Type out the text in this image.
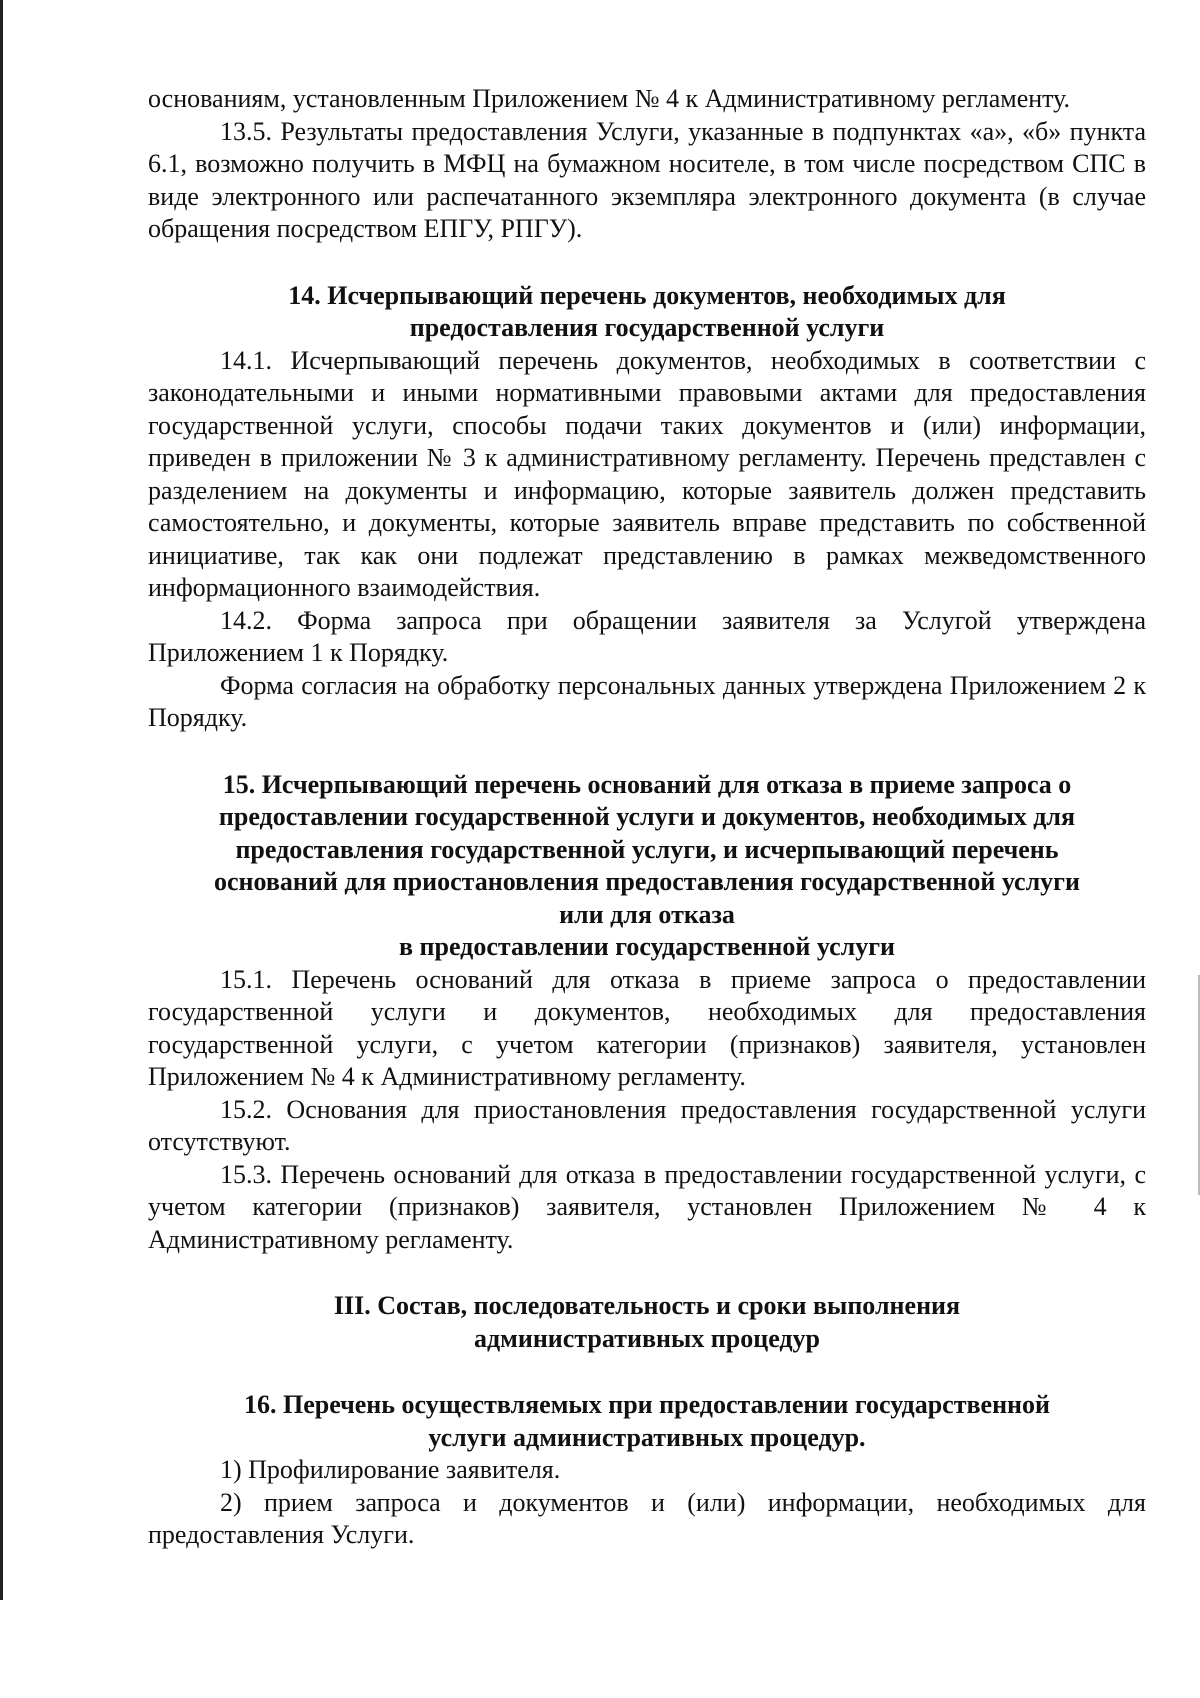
основаниям, установленным Приложением № 4 к Административному регламенту.

13.5. Результаты предоставления Услуги, указанные в подпунктах «а», «б» пункта 6.1, возможно получить в МФЦ на бумажном носителе, в том числе посредством СПС в виде электронного или распечатанного экземпляра электронного документа (в случае обращения посредством ЕПГУ, РПГУ).

14. Исчерпывающий перечень документов, необходимых для
предоставления государственной услуги

14.1. Исчерпывающий перечень документов, необходимых в соответствии с законодательными и иными нормативными правовыми актами для предоставления государственной услуги, способы подачи таких документов и (или) информации, приведен в приложении № 3 к административному регламенту. Перечень представлен с разделением на документы и информацию, которые заявитель должен представить самостоятельно, и документы, которые заявитель вправе представить по собственной инициативе, так как они подлежат представлению в рамках межведомственного информационного взаимодействия.

14.2. Форма запроса при обращении заявителя за Услугой утверждена Приложением 1 к Порядку.

Форма согласия на обработку персональных данных утверждена Приложением 2 к Порядку.

15. Исчерпывающий перечень оснований для отказа в приеме запроса о
предоставлении государственной услуги и документов, необходимых для
предоставления государственной услуги, и исчерпывающий перечень
оснований для приостановления предоставления государственной услуги
или для отказа
в предоставлении государственной услуги

15.1. Перечень оснований для отказа в приеме запроса о предоставлении государственной услуги и документов, необходимых для предоставления государственной услуги, с учетом категории (признаков) заявителя, установлен Приложением № 4 к Административному регламенту.

15.2. Основания для приостановления предоставления государственной услуги отсутствуют.

15.3. Перечень оснований для отказа в предоставлении государственной услуги, с учетом категории (признаков) заявителя, установлен Приложением № 4 к Административному регламенту.

III. Состав, последовательность и сроки выполнения
административных процедур
16. Перечень осуществляемых при предоставлении государственной
услуги административных процедур.

1) Профилирование заявителя.

2) прием запроса и документов и (или) информации, необходимых для предоставления Услуги.
